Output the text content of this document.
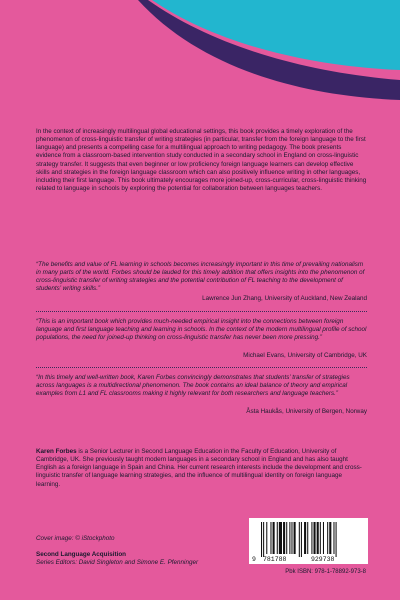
In the context of increasingly multilingual global educational settings, this book provides a timely exploration of the phenomenon of cross-linguistic transfer of writing strategies (in particular, transfer from the foreign language to the first language) and presents a compelling case for a multilingual approach to writing pedagogy. The book presents evidence from a classroom-based intervention study conducted in a secondary school in England on cross-linguistic strategy transfer. It suggests that even beginner or low proficiency foreign language learners can develop effective skills and strategies in the foreign language classroom which can also positively influence writing in other languages, including their first language. This book ultimately encourages more joined-up, cross-curricular, cross-linguistic thinking related to language in schools by exploring the potential for collaboration between languages teachers.
“The benefits and value of FL learning in schools becomes increasingly important in this time of prevailing nationalism in many parts of the world. Forbes should be lauded for this timely addition that offers insights into the phenomenon of cross-linguistic transfer of writing strategies and the potential contribution of FL teaching to the development of students’ writing skills.”
Lawrence Jun Zhang, University of Auckland, New Zealand
“This is an important book which provides much-needed empirical insight into the connections between foreign language and first language teaching and learning in schools. In the context of the modern multilingual profile of school populations, the need for joined-up thinking on cross-linguistic transfer has never been more pressing.”
Michael Evans, University of Cambridge, UK
“In this timely and well-written book, Karen Forbes convincingly demonstrates that students’ transfer of strategies across languages is a multidirectional phenomenon. The book contains an ideal balance of theory and empirical examples from L1 and FL classrooms making it highly relevant for both researchers and language teachers.”
Åsta Haukås, University of Bergen, Norway
Karen Forbes is a Senior Lecturer in Second Language Education in the Faculty of Education, University of Cambridge, UK. She previously taught modern languages in a secondary school in England and has also taught English as a foreign language in Spain and China. Her current research interests include the development and cross-linguistic transfer of language learning strategies, and the influence of multilingual identity on foreign language learning.
Cover image: © iStockphoto
Second Language Acquisition
Series Editors: David Singleton and Simone E. Pfenninger	9 781788	929738
Pbk ISBN: 978-1-78892-973-8
